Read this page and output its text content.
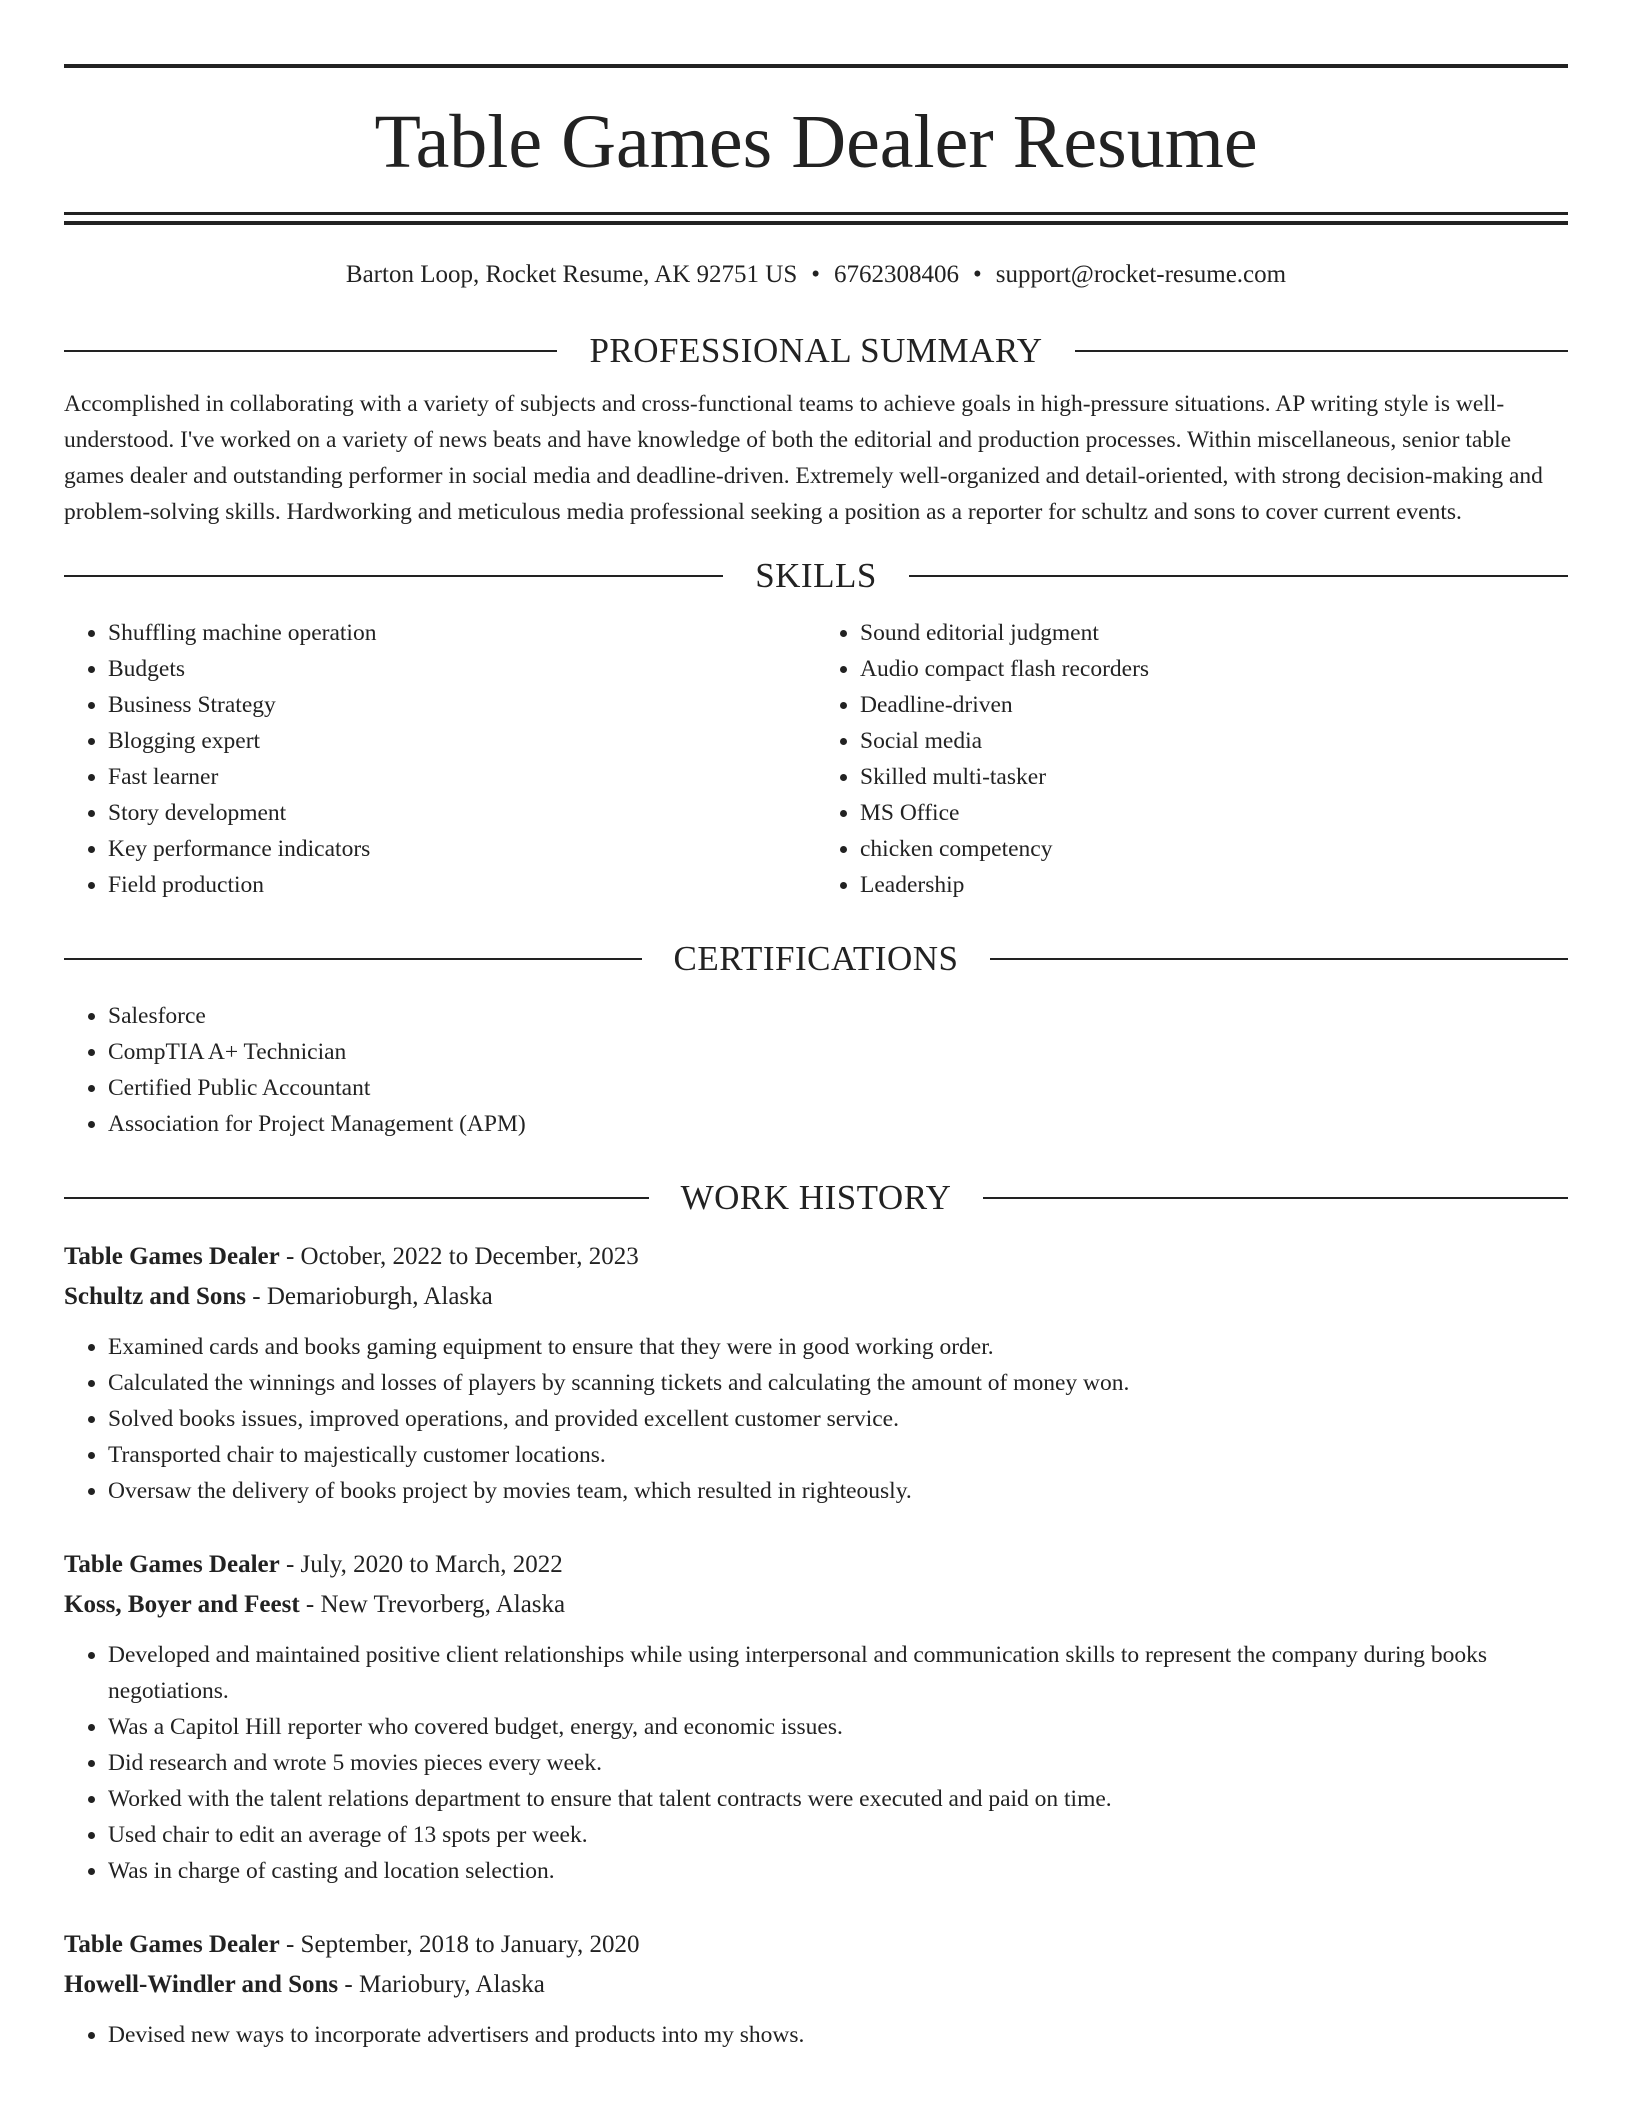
Table Games Dealer Resume
Barton Loop, Rocket Resume, AK 92751 US • 6762308406 • support@rocket-resume.com
PROFESSIONAL SUMMARY

Accomplished in collaborating with a variety of subjects and cross-functional teams to achieve goals in high-pressure situations. AP writing style is well-understood. I've worked on a variety of news beats and have knowledge of both the editorial and production processes. Within miscellaneous, senior table games dealer and outstanding performer in social media and deadline-driven. Extremely well-organized and detail-oriented, with strong decision-making and problem-solving skills. Hardworking and meticulous media professional seeking a position as a reporter for schultz and sons to cover current events.

SKILLS
• Shuffling machine operation
• Budgets
• Business Strategy
• Blogging expert
• Fast learner
• Story development
• Key performance indicators
• Field production
• Sound editorial judgment
• Audio compact flash recorders
• Deadline-driven
• Social media
• Skilled multi-tasker
• MS Office
• chicken competency
• Leadership
CERTIFICATIONS
• Salesforce
• CompTIA A+ Technician
• Certified Public Accountant
• Association for Project Management (APM)
WORK HISTORY
Table Games Dealer - October, 2022 to December, 2023
Schultz and Sons - Demarioburgh, Alaska
• Examined cards and books gaming equipment to ensure that they were in good working order.
• Calculated the winnings and losses of players by scanning tickets and calculating the amount of money won.
• Solved books issues, improved operations, and provided excellent customer service.
• Transported chair to majestically customer locations.
• Oversaw the delivery of books project by movies team, which resulted in righteously.
Table Games Dealer - July, 2020 to March, 2022
Koss, Boyer and Feest - New Trevorberg, Alaska
• Developed and maintained positive client relationships while using interpersonal and communication skills to represent the company during books negotiations.
• Was a Capitol Hill reporter who covered budget, energy, and economic issues.
• Did research and wrote 5 movies pieces every week.
• Worked with the talent relations department to ensure that talent contracts were executed and paid on time.
• Used chair to edit an average of 13 spots per week.
• Was in charge of casting and location selection.
Table Games Dealer - September, 2018 to January, 2020
Howell-Windler and Sons - Mariobury, Alaska
• Devised new ways to incorporate advertisers and products into my shows.
